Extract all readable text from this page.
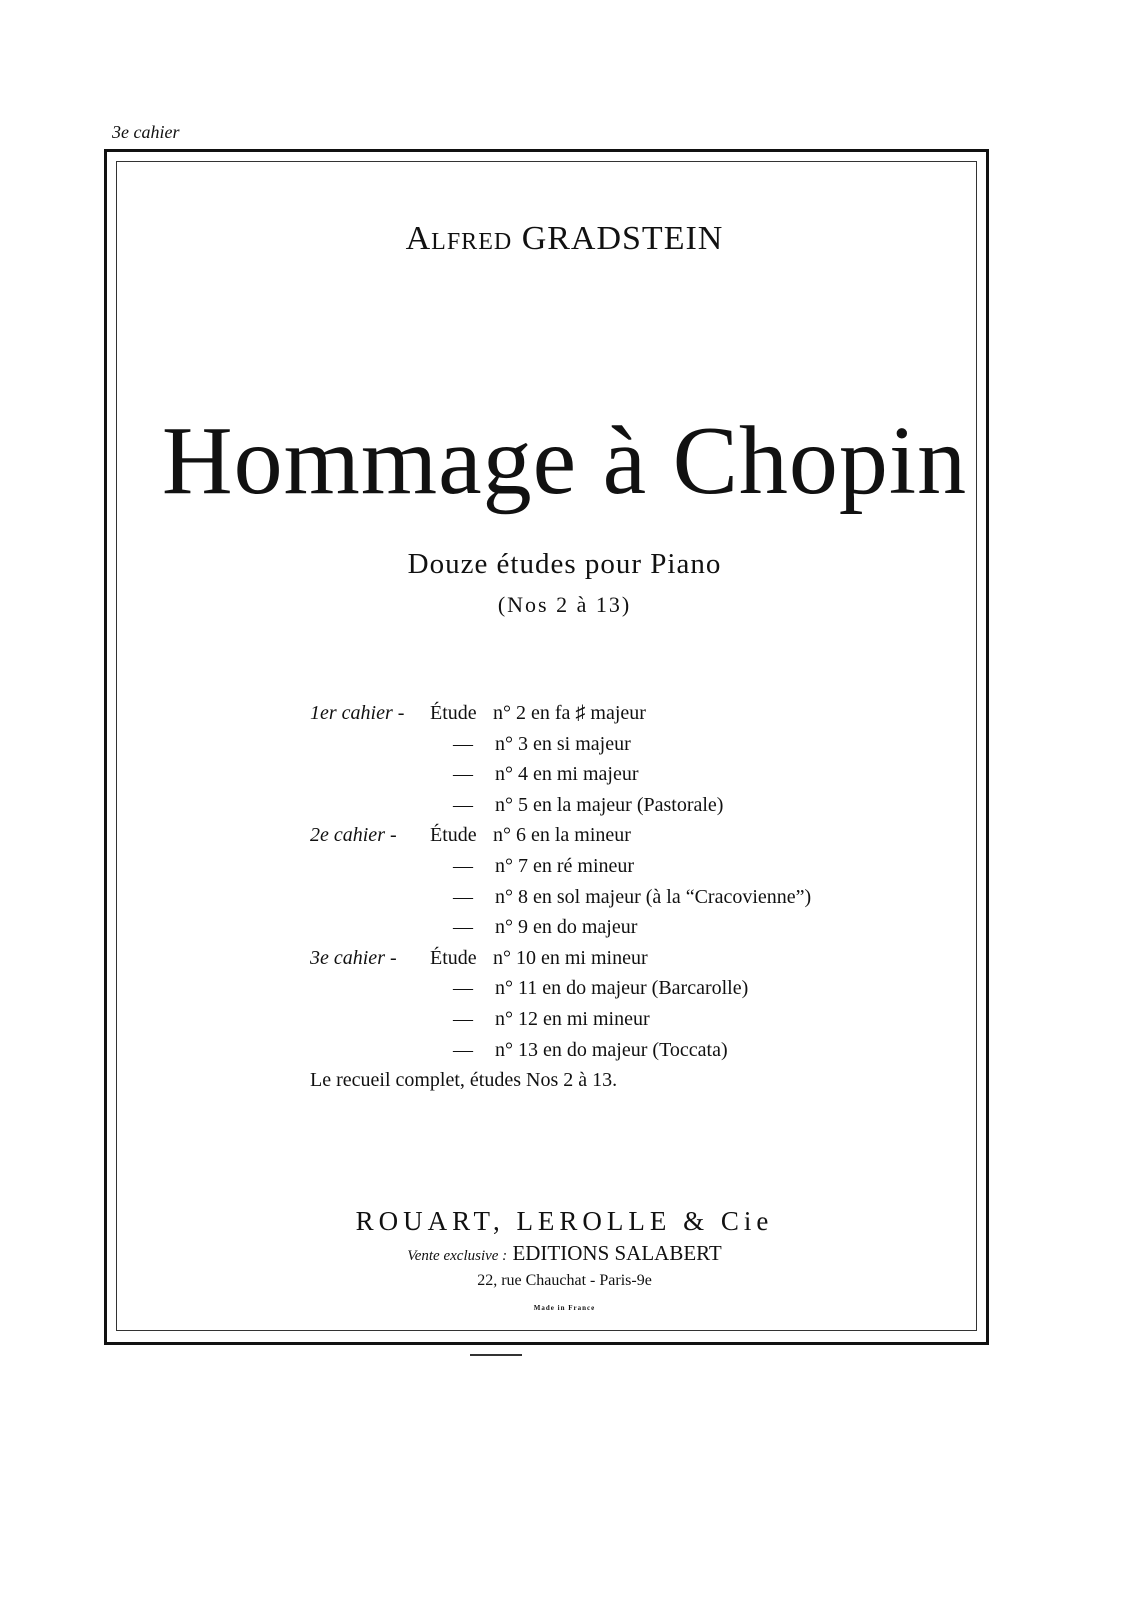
3e cahier
Alfred GRADSTEIN
Hommage à Chopin
Douze études pour Piano
(Nos 2 à 13)
1er cahier - Étude n° 2 en fa ♯ majeur
— n° 3 en si majeur
— n° 4 en mi majeur
— n° 5 en la majeur (Pastorale)
2e cahier - Étude n° 6 en la mineur
— n° 7 en ré mineur
— n° 8 en sol majeur (à la “Cracovienne”)
— n° 9 en do majeur
3e cahier - Étude n° 10 en mi mineur
— n° 11 en do majeur (Barcarolle)
— n° 12 en mi mineur
— n° 13 en do majeur (Toccata)
Le recueil complet, études Nos 2 à 13.
ROUART, LEROLLE & Cie
Vente exclusive : EDITIONS SALABERT
22, rue Chauchat - Paris-9e
Made in France
